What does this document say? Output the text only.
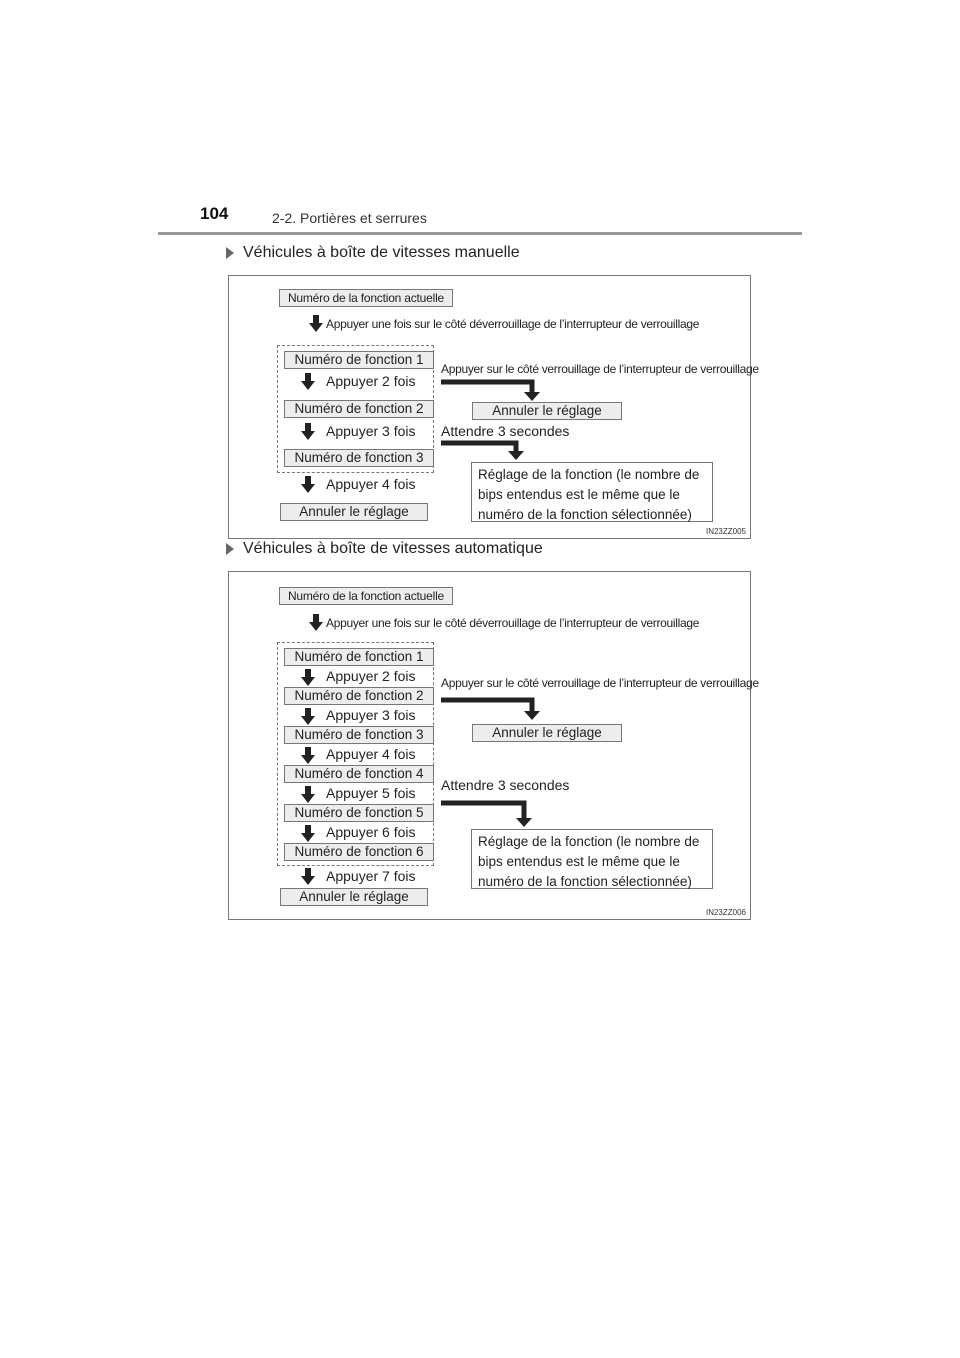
104	2-2. Portières et serrures
Véhicules à boîte de vitesses manuelle
Numéro de la fonction actuelle
Appuyer une fois sur le côté déverrouillage de l’interrupteur de verrouillage
Numéro de fonction 1
Appuyer 2 fois
Numéro de fonction 2
Appuyer 3 fois
Numéro de fonction 3
Appuyer 4 fois
Annuler le réglage
Appuyer sur le côté verrouillage de l’interrupteur de verrouillage
Annuler le réglage
Attendre 3 secondes
Réglage de la fonction (le nombre de
bips entendus est le même que le
numéro de la fonction sélectionnée)
IN23ZZ005
Véhicules à boîte de vitesses automatique
Numéro de la fonction actuelle
Appuyer une fois sur le côté déverrouillage de l’interrupteur de verrouillage
Numéro de fonction 1
Appuyer 2 fois
Numéro de fonction 2
Appuyer 3 fois
Numéro de fonction 3
Appuyer 4 fois
Numéro de fonction 4
Appuyer 5 fois
Numéro de fonction 5
Appuyer 6 fois
Numéro de fonction 6
Appuyer 7 fois
Annuler le réglage
Appuyer sur le côté verrouillage de l’interrupteur de verrouillage
Annuler le réglage
Attendre 3 secondes
Réglage de la fonction (le nombre de
bips entendus est le même que le
numéro de la fonction sélectionnée)
IN23ZZ006
